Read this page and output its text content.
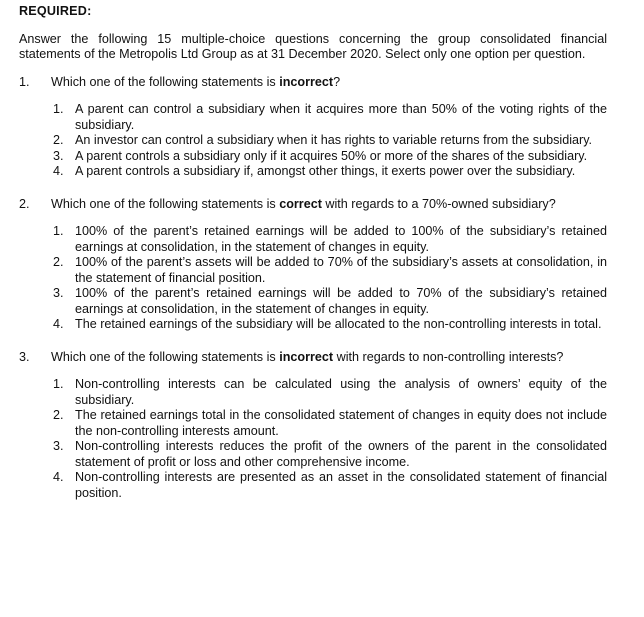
REQUIRED:
Answer the following 15 multiple-choice questions concerning the group consolidated financial statements of the Metropolis Ltd Group as at 31 December 2020. Select only one option per question.
1.	Which one of the following statements is incorrect?
1. A parent can control a subsidiary when it acquires more than 50% of the voting rights of the subsidiary.
2. An investor can control a subsidiary when it has rights to variable returns from the subsidiary.
3. A parent controls a subsidiary only if it acquires 50% or more of the shares of the subsidiary.
4. A parent controls a subsidiary if, amongst other things, it exerts power over the subsidiary.
2.	Which one of the following statements is correct with regards to a 70%-owned subsidiary?
1. 100% of the parent’s retained earnings will be added to 100% of the subsidiary’s retained earnings at consolidation, in the statement of changes in equity.
2. 100% of the parent’s assets will be added to 70% of the subsidiary’s assets at consolidation, in the statement of financial position.
3. 100% of the parent’s retained earnings will be added to 70% of the subsidiary’s retained earnings at consolidation, in the statement of changes in equity.
4. The retained earnings of the subsidiary will be allocated to the non-controlling interests in total.
3.	Which one of the following statements is incorrect with regards to non-controlling interests?
1. Non-controlling interests can be calculated using the analysis of owners’ equity of the subsidiary.
2. The retained earnings total in the consolidated statement of changes in equity does not include the non-controlling interests amount.
3. Non-controlling interests reduces the profit of the owners of the parent in the consolidated statement of profit or loss and other comprehensive income.
4. Non-controlling interests are presented as an asset in the consolidated statement of financial position.
